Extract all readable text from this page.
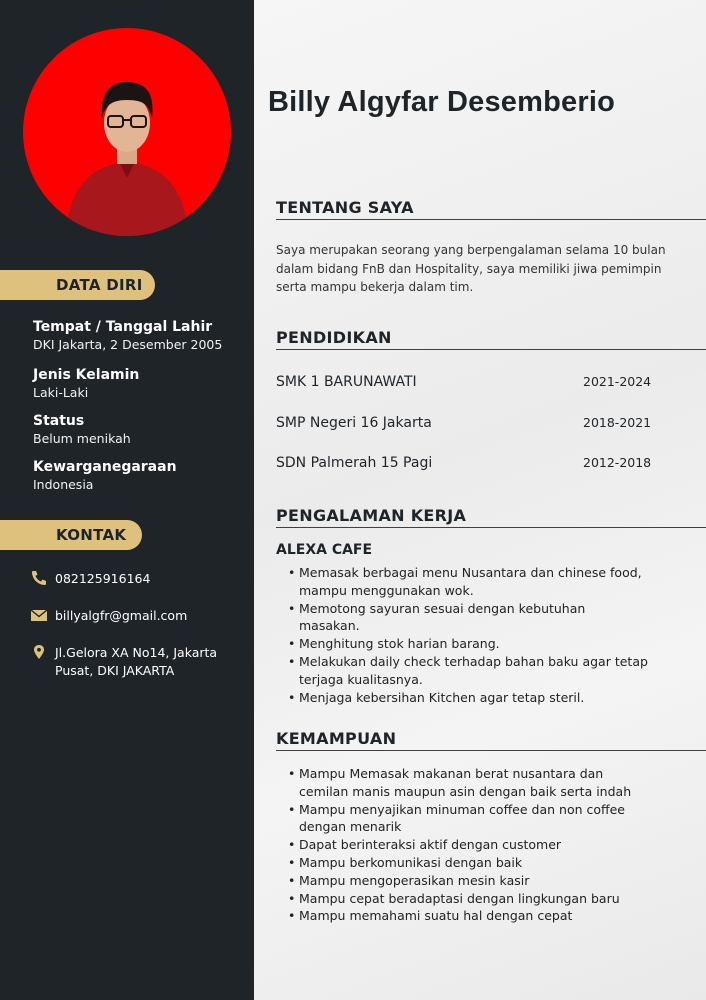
DATA DIRI
Tempat / Tanggal Lahir
DKI Jakarta, 2 Desember 2005
Jenis Kelamin
Laki-Laki
Status
Belum menikah
Kewarganegaraan
Indonesia
KONTAK
082125916164
billyalgfr@gmail.com
Jl.Gelora XA No14, Jakarta Pusat, DKI JAKARTA
Billy Algyfar Desemberio
TENTANG SAYA
Saya merupakan seorang yang berpengalaman selama 10 bulan dalam bidang FnB dan Hospitality, saya memiliki jiwa pemimpin serta mampu bekerja dalam tim.
PENDIDIKAN
SMK 1 BARUNAWATI	2021-2024
SMP Negeri 16 Jakarta	2018-2021
SDN Palmerah 15 Pagi	2012-2018
PENGALAMAN KERJA
ALEXA CAFE
• Memasak berbagai menu Nusantara dan chinese food, mampu menggunakan wok.
• Memotong sayuran sesuai dengan kebutuhan masakan.
• Menghitung stok harian barang.
• Melakukan daily check terhadap bahan baku agar tetap terjaga kualitasnya.
• Menjaga kebersihan Kitchen agar tetap steril.
KEMAMPUAN
• Mampu Memasak makanan berat nusantara dan cemilan manis maupun asin dengan baik serta indah
• Mampu menyajikan minuman coffee dan non coffee dengan menarik
• Dapat berinteraksi aktif dengan customer
• Mampu berkomunikasi dengan baik
• Mampu mengoperasikan mesin kasir
• Mampu cepat beradaptasi dengan lingkungan baru
• Mampu memahami suatu hal dengan cepat
